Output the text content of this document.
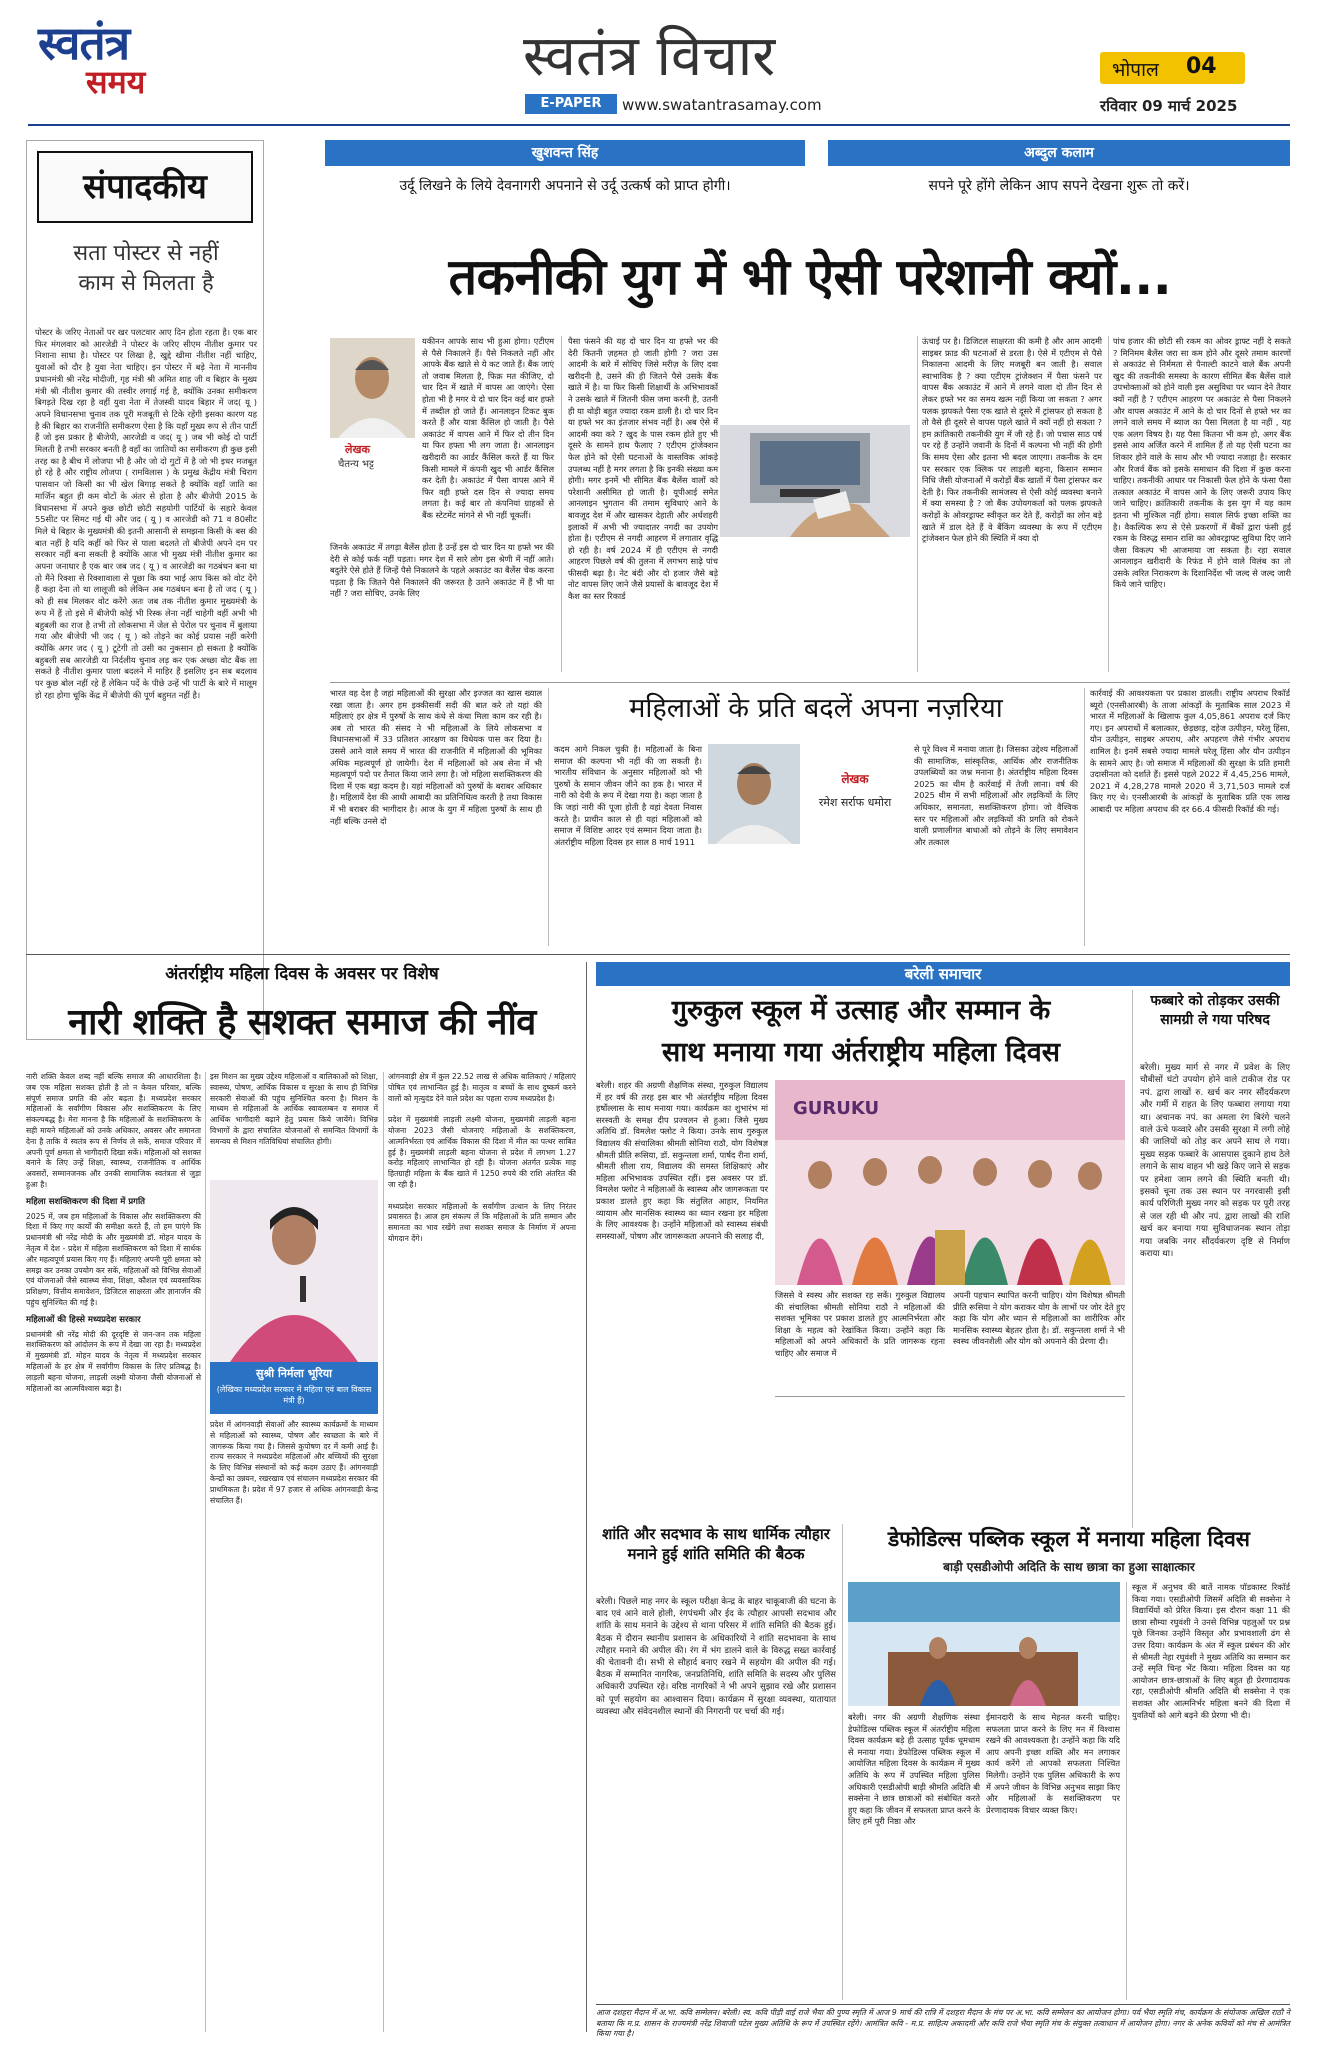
स्वतंत्र
समय	स्वतंत्र विचार
E-PAPER	www.swatantrasamay.com
भोपाल 04
रविवार 09 मार्च 2025
संपादकीय
सता पोस्टर से नहीं
काम से मिलता है
पोस्टर के जरिए नेताओं पर खर पलटवार आए दिन होता रहता है। एक बार फिर मंगलवार को आरजेडी ने पोस्टर के जरिए सीएम नीतीश कुमार पर निशाना साधा है। पोस्टर पर लिखा है, खुद्दे खीमा नीतीश नहीं चाहिए, युवाओं को दौर है युवा नेता चाहिए। इन पोस्टर में बड़े नेता में माननीय प्रधानमंत्री श्री नरेंद्र मोदीजी, गृह मंत्री श्री अमित शाह जी व बिहार के मुख्य मंत्री श्री नीतीश कुमार की तस्वीर लगाई गई है, क्योंकि उनका समीकरण बिगड़ते दिख रहा है वहीं युवा नेता में तेजस्वी यादव बिहार में जद( यू ) अपने विधानसभा चुनाव तक पूरी मजबूती से टिके रहेंगी इसका कारण यह है की बिहार का राजनीति समीकरण ऐसा है कि यहाँ मुख्य रूप से तीन पार्टी हैं जो इस प्रकार है बीजेपी, आरजेडी व जद( यू ) जब भी कोई दो पार्टी मिलती है तभी सरकार बनती है वहाँ का जातियों का समीकरण ही कुछ इसी तरह का है बीच में लोजपा भी है और जो दो गुटों में है जो भी इधर मजबूत हो रहे है और राष्ट्रीय लोजपा ( रामविलास ) के प्रमुख केंद्रीय मंत्री चिराग पासवान जो किसी का भी खेल बिगाड़ सकते है क्योंकि वहाँ जाति का मार्जिन बहुत ही कम वोटों के अंतर से होता है और बीजेपी 2015 के विधानसभा में अपने कुछ छोटी छोटी सहयोगी पार्टियों के सहारे केवल 55सीट पर सिमट गई थी और जद ( यू ) व आरजेडी को 71 व 80सीट मिले थे बिहार के मुख्यमंत्री की इतनी आसानी से समझना किसी के बस की बात नहीं है यदि कहीं को फिर से पाला बदलते तो बीजेपी अपने दम पर सरकार नहीं बना सकती है क्योंकि आज भी मुख्य मंत्री नीतीश कुमार का अपना जनाधार है एक बार जब जद ( यू ) व आरजेडी का गठबंधन बना था तो मैंने रिक्शा से रिक्शावाला से पूछा कि क्या भाई आप किस को वोट देंगे हैं कहा देना तो था लालूजी को लेकिन अब गठबंधन बना है तो जद ( यू ) को ही सब मिलकर वोट करेंगे अतः जब तक नीतीश कुमार मुख्यमंत्री के रूप में हैं तो इसे में बीजेपी कोई भी रिस्क लेना नहीं चाहेगी वहीं अभी भी बहुबली का राज है तभी तो लोकसभा में जेल से पेरोल पर चुनाव में बुलाया गया और बीजेपी भी जद ( यू ) को तोड़ने का कोई प्रयास नहीं करेगी क्योंकि अगर जद ( यू ) टूटेगी तो उसी का नुकसान हो सकता है क्योंकि बहुबली सब आरजेडी या निर्दलीय चुनाव लड़ कर एक अच्छा वोट बैंक ला सकते है नीतीश कुमार पाला बदलने में माहिर हैं इसलिए इन सब बदलाव पर कुछ बोल नहीं रहे हैं लेकिन पर्दे के पीछे उन्हें भी पार्टी के बारे में मालूम हो रहा होगा चूकि केंद्र में बीजेपी की पूर्ण बहुमत नहीं है।
खुशवन्त सिंह
उर्दू लिखने के लिये देवनागरी अपनाने से उर्दू उत्कर्ष को प्राप्त होगी।
अब्दुल कलाम
सपने पूरे होंगे लेकिन आप सपने देखना शुरू तो करें।
तकनीकी युग में भी ऐसी परेशानी क्यों...
लेखक
चैतन्य भट्ट
यकीनन आपके साथ भी हुआ होगा। एटीएम से पैसे निकालने हैं। पैसे निकलते नहीं और आपके बैंक खाते से ये कट जाते हैं। बैंक जाएं तो जवाब मिलता है, फिक्र मत कीजिए, दो चार दिन में खाते में वापस आ जाएंगे। ऐसा होता भी है मगर ये दो चार दिन कई बार हफ्ते में तब्दील हो जाते हैं। आनलाइन टिकट बुक करते हैं और यात्रा कैंसिल हो जाती है। पैसे अकाउंट में वापस आने में फिर दो तीन दिन या फिर हफ्ता भी लग जाता है। आनलाइन खरीदारी का आर्डर कैंसिल करते हैं या फिर किसी मामले में कंपनी खुद भी आर्डर कैंसिल कर देती है। अकाउंट में पैसा वापस आने में फिर वही हफ्ते दस दिन से ज्यादा समय लगता है। कई बार तो कंपनियां ग्राहकों से बैंक स्टेटमेंट मांगने से भी नहीं चूकतीं।
जिनके अकाउंट में तगड़ा बैलेंस होता है उन्हें इस दो चार दिन या हफ्ते भर की देरी से कोई फर्क नहीं पड़ता। मगर देश में सारे लोग इस श्रेणी में नहीं आते। बदुतेरे ऐसे होते हैं जिन्हें पैसे निकालने के पहले अकाउंट का बैलेंस चेक करना पड़ता है कि जितने पैसे निकालने की जरूरत है उतने अकाउंट में हैं भी या नहीं ? जरा सोचिए, उनके लिए
पैसा फंसने की यह दो चार दिन या हफ्ते भर की देरी कितनी ज़हमत हो जाती होगी ? जरा उस आदमी के बारे में सोचिए जिसे मरीज़ के लिए दवा खरीदनी है, उसने की ही जितने पैसे उसके बैंक खाते में है। या फिर किसी शिक्षार्थी के अभिभावकों ने उसके खाते में जितनी फीस जमा करनी है, उतनी ही या थोड़ी बहुत ज्यादा रकम डाली है। दो चार दिन या हफ्ते भर का इंतजार संभव नहीं है। अब ऐसे में आदमी क्या करे ? खुद के पास रकम होते हुए भी दूसरे के सामने हाथ फैलाए ? एटीएम ट्रांजेक्शन फेल होने को ऐसी घटनाओं के वास्तविक आंकड़े उपलब्ध नहीं है मगर लगता है कि इनकी संख्या कम होगी। मगर इनमें भी सीमित बैंक बैलेंस वालों को परेशानी असीमित हो जाती है। यूपीआई समेत आनलाइन भुगतान की तमाम सुविधाएं आने के बावजूद देश में और खासकर देहाती और अर्धशहरी इलाकों में अभी भी ज्यादातर नगदी का उपयोग होता है। एटीएम से नगदी आहरण में लगातार वृद्धि हो रही है। वर्ष 2024 में ही एटीएम से नगदी आहरण पिछले वर्ष की तुलना में लगभग साढ़े पांच फीसदी बढ़ा है। नेट बंदी और दो हजार जैसे बड़े नोट वापस लिए जाने जैसे प्रयासों के बावजूद देश में कैश का स्तर रिकार्ड
ऊंचाई पर है। डिजिटल साक्षरता की कमी है और आम आदमी साइबर फ्राड की घटनाओं से डरता है। ऐसे में एटीएम से पैसे निकालना आदमी के लिए मजबूरी बन जाती है। सवाल स्वाभाविक है ? क्या एटीएम ट्रांजेक्शन में पैसा फंसने पर वापस बैंक अकाउंट में आने में लगने वाला दो तीन दिन से लेकर हफ्ते भर का समय खत्म नहीं किया जा सकता ? अगर पलक झपकते पैसा एक खाते से दूसरे में ट्रांसफर हो सकता है तो वैसे ही दूसरे से वापस पहले खाते में क्यों नहीं हो सकता ? हम क्रांतिकारी तकनीकी युग में जी रहे हैं। जो पचास साठ पर्ष पर रहे हैं उन्होंने जवानी के दिनों में कल्पना भी नहीं की होगी कि समय ऐसा और इतना भी बदल जाएगा। तकनीक के दम पर सरकार एक क्लिक पर लाड़ली बहना, किसान सम्मान निधि जैसी योजनाओं में करोड़ों बैंक खातों में पैसा ट्रांसफर कर देती है। फिर तकनीकी सामंजस्य से ऐसी कोई व्यवस्था बनाने में क्या समस्या है ? जो बैंक उपोयगकर्ता को पलक झपकते करोड़ों के ओवरड्राफ्ट स्वीकृत कर देते हैं, करोड़ों का लोन बड़े खाते में डाल देते हैं वे बैंकिंग व्यवस्था के रूप में एटीएम ट्रांजेक्शन फेल होने की स्थिति में क्या दो
पांच हजार की छोटी सी रकम का ओवर ड्राफ्ट नहीं दे सकते ? मिनिमम बैलेंस जरा सा कम होने और दूसरे तमाम कारणों से अकाउंट से निर्ममता से पैनाल्टी काटने वाले बैंक अपनी खुद की तकनीकी समस्या के कारण सीमित बैंक बैलेंस वाले उपभोक्ताओं को होने वाली इस असुविधा पर ध्यान देने तैयार क्यों नहीं है ? एटीएम आहरण पर अकाउंट से पैसा निकलने और वापस अकाउंट में आने के दो चार दिनों से हफ्ते भर का लगने वाले समय में ब्याज का पैसा मिलता है या नहीं , यह एक अलग विषय है। यह पैसा कितना भी कम हो, अगर बैंक इससे आय अर्जित करने में शामिल हैं तो यह ऐसी घटना का शिकार होने वाले के साथ और भी ज्यादा नजाहा है। सरकार और रिजर्व बैंक को इसके समाधान की दिशा में कुछ करना चाहिए। तकनीकी आधार पर निकासी फेल होने के फंसा पैसा तत्काल अकाउंट में वापस आने के लिए जरूरी उपाय किए जाने चाहिए। क्रांतिकारी तकनीक के इस युग में यह काम इतना भी मुश्किल नहीं होगा। सवाल सिर्फ इच्छा शक्ति का है। वैकल्पिक रूप से ऐसे प्रकरणों में बैंकों द्वारा फंसी हुई रकम के विरुद्ध समान राशि का ओवरड्राफ्ट सुविधा दिए जाने जैसा विकल्प भी आजमाया जा सकता है। रहा सवाल आनलाइन खरीदारी के रिफंड में होने वाले विलंब का तो उसके त्वरित निराकरण के दिशानिर्देश भी जल्द से जल्द जारी किये जाने चाहिए।
भारत वह देश है जहां महिलाओं की सुरक्षा और इज्जत का खास ख्याल रखा जाता है। अगर हम इक्कीसवीं सदी की बात करे तो यहां की महिलाएं हर क्षेत्र में पुरुषों के साथ कंधे से कंधा मिला काम कर रही है। अब तो भारत की संसद ने भी महिलाओं के लिये लोकसभा व विधानसभाओं में 33 प्रतिशत आरक्षण का विधेयक पास कर दिया है। उससे आने वाले समय में भारत की राजनीति में महिलाओं की भूमिका अधिक महत्वपूर्ण हो जायेगी। देश में महिलाओं को अब सेना में भी महत्वपूर्ण पदो पर तैनात किया जाने लगा है। जो महिला सशक्तिकरण की दिशा में एक बड़ा कदम है। यहां महिलाओं को पुरुषों के बराबर अधिकार है। महिलायें देश की आधी आबादी का प्रतिनिधित्व करती है तथा विकास में भी बराबर की भागीदार है। आज के युग में महिला पुरुषों के साथ ही नहीं बल्कि उनसे दो
महिलाओं के प्रति बदलें अपना नज़रिया
कदम आगे निकल चुकी है। महिलाओं के बिना समाज की कल्पना भी नहीं की जा सकती है। भारतीय संविधान के अनुसार महिलाओं को भी पुरुषों के समान जीवन जीने का हक है। भारत में नारी को देवी के रूप में देखा गया है। कहा जाता है कि जहां नारी की पूजा होती है वहां देवता निवास करते है। प्राचीन काल से ही यहां महिलाओं को समाज में विशिष्ट आदर एवं सम्मान दिया जाता है। अंतर्राष्ट्रीय महिला दिवस हर साल 8 मार्च 1911
लेखक
रमेश सर्राफ धमोरा
से पूरे विश्व में मनाया जाता है। जिसका उद्देश्य महिलाओं की सामाजिक, सांस्कृतिक, आर्थिक और राजनीतिक उपलब्धियों का जश्न मनाना है। अंतर्राष्ट्रीय महिला दिवस 2025 का थीम है कार्रवाई में तेजी लाना। वर्ष की 2025 थीम में सभी महिलाओं और लड़कियों के लिए अधिकार, समानता, सशक्तिकरण होगा। जो वैश्विक स्तर पर महिलाओं और लड़कियों की प्रगति को रोकने वाली प्रणालीगत बाधाओं को तोड़ने के लिए समावेशन और तत्काल
कार्रवाई की आवश्यकता पर प्रकाश डालती। राष्ट्रीय अपराध रिकॉर्ड ब्यूरो (एनसीआरबी) के ताजा आंकड़ों के मुताबिक साल 2023 में भारत में महिलाओं के खिलाफ कुल 4,05,861 अपराध दर्ज किए गए। इन अपराधों में बलात्कार, छेड़छाड़, दहेज उत्पीड़न, घरेलू हिंसा, यौन उत्पीड़न, साइबर अपराध, और अपहरण जैसे गंभीर अपराध शामिल है। इनमें सबसे ज्यादा मामले घरेलू हिंसा और यौन उत्पीड़न के सामने आए है। जो समाज में महिलाओं की सुरक्षा के प्रति हमारी उदासीनता को दर्शाते हैं। इससे पहले 2022 में 4,45,256 मामले, 2021 में 4,28,278 मामले 2020 में 3,71,503 मामले दर्ज किए गए थे। एनसीआरबी के आंकड़ों के मुताबिक प्रति एक लाख आबादी पर महिला अपराध की दर 66.4 फीसदी रिकॉर्ड की गई।
अंतर्राष्ट्रीय महिला दिवस के अवसर पर विशेष
नारी शक्ति है सशक्त समाज की नींव
नारी शक्ति केवल शब्द नहीं बल्कि समाज की आधारशिला है। जब एक महिला सशक्त होती है तो न केवल परिवार, बल्कि संपूर्ण समाज प्रगति की ओर बढ़ता है। मध्यप्रदेश सरकार महिलाओं के सर्वांगीण विकास और सशक्तिकरण के लिए संकल्पबद्ध है। मेरा मानना है कि महिलाओं के सशक्तिकरण के सही मायने महिलाओं को उनके अधिकार, अवसर और समानता देना है ताकि वे स्वतंत्र रूप से निर्णय ले सकें, समाज परिवार में अपनी पूर्ण क्षमता से भागीदारी दिखा सकें। महिलाओं को सशक्त बनाने के लिए उन्हें शिक्षा, स्वास्थ्य, राजनीतिक व आर्थिक अवसरों, सम्मानजनक और उनकी सामाजिक स्वतंत्रता से जुड़ा हुआ है।
महिला सशक्तिकरण की दिशा में प्रगति
2025 में, जब हम महिलाओं के विकास और सशक्तिकरण की दिशा में किए गए कार्यों की समीक्षा करते हैं, तो हम पाएंगे कि प्रधानमंत्री श्री नरेंद्र मोदी के और मुख्यमंत्री डॉ. मोहन यादव के नेतृत्व में देश - प्रदेश में महिला सशक्तिकरण को दिशा में सार्थक और महत्वपूर्ण प्रयास किए गए हैं। महिलाएं अपनी पूरी क्षमता को समझ कर उनका उपयोग कर सकें, महिलाओं को विभिन्न सेवाओं एवं योजनाओं जैसे स्वास्थ्य सेवा, शिक्षा, कौशल एवं व्यवसायिक प्रशिक्षण, वित्तीय समावेशन, डिजिटल साक्षरता और ज्ञानार्जन की पहुंच सुनिश्चित की गई है।
महिलाओं की हिस्से मध्यप्रदेश सरकार
प्रधानमंत्री श्री नरेंद्र मोदी की दूरदृष्टि से जन-जन तक महिला सशक्तिकरण को आंदोलन के रूप में देखा जा रहा है। मध्यप्रदेश में मुख्यमंत्री डॉ. मोहन यादव के नेतृत्व में मध्यप्रदेश सरकार महिलाओं के हर क्षेत्र में सर्वांगीण विकास के लिए प्रतिबद्ध है। लाड़ली बहना योजना, लाड़ली लक्ष्मी योजना जैसी योजनाओं से महिलाओं का आत्मविश्वास बढ़ा है।
इस मिशन का मुख्य उद्देश्य महिलाओं व बालिकाओं को शिक्षा, स्वास्थ्य, पोषण, आर्थिक विकास व सुरक्षा के साथ ही विभिन्न सरकारी सेवाओं की पहुंच सुनिश्चित करना है। मिशन के माध्यम से महिलाओं के आर्थिक स्वावलम्बन व समाज में आर्थिक भागीदारी बढ़ाने हेतु प्रयास किये जायेंगे। विभिन्न विभागों के द्वारा संचालित योजनाओं से समन्वित विभागों के समन्वय से मिशन गतिविधियां संचालित होगी।
सुश्री निर्मला भूरिया
(लेखिका मध्यप्रदेश सरकार में महिला एवं बाल विकास मंत्री हैं)
प्रदेश में आंगनवाड़ी सेवाओं और स्वास्थ्य कार्यक्रमों के माध्यम से महिलाओं को स्वास्थ्य, पोषण और स्वच्छता के बारे में जागरूक किया गया है। जिससे कुपोषण दर में कमी आई है। राज्य सरकार ने मध्यप्रदेश महिलाओं और बच्चियों की सुरक्षा के लिए विभिन्न संस्थानों को कई कदम उठाए हैं। आंगनवाड़ी केन्द्रों का उन्नयन, रखरखाव एवं संचालन मध्यप्रदेश सरकार की प्राथमिकता है। प्रदेश में 97 हजार से अधिक आंगनवाड़ी केन्द्र संचालित हैं।
आंगनवाड़ी क्षेत्र में कुल 22.52 लाख से अधिक बालिकाएं / महिलाएं पोषित एवं लाभान्वित हुई है। मातृत्व व बच्चों के साथ दुष्कर्म करने वालों को मृत्युदंड देने वाले प्रदेश का पहला राज्य मध्यप्रदेश है।

प्रदेश में मुख्यमंत्री लाड़ली लक्ष्मी योजना, मुख्यमंत्री लाड़ली बहना योजना 2023 जैसी योजनाएं महिलाओं के सशक्तिकरण, आत्मनिर्भरता एवं आर्थिक विकास की दिशा में मील का पत्थर साबित हुई है। मुख्यमंत्री लाड़ली बहना योजना से प्रदेश में लगभग 1.27 करोड़ महिलाएं लाभान्वित हो रही है। योजना अंतर्गत प्रत्येक माह हितग्राही महिला के बैंक खाते में 1250 रुपये की राशि अंतरित की जा रही है।

मध्यप्रदेश सरकार महिलाओं के सर्वांगीण उत्थान के लिए निरंतर प्रयासरत है। आज हम संकल्प लें कि महिलाओं के प्रति सम्मान और समानता का भाव रखेंगे तथा सशक्त समाज के निर्माण में अपना योगदान देंगे।
बरेली समाचार
गुरुकुल स्कूल में उत्साह और सम्मान के
साथ मनाया गया अंर्तराष्ट्रीय महिला दिवस
बरेली। शहर की अग्रणी शैक्षणिक संस्था, गुरुकुल विद्यालय में हर वर्ष की तरह इस बार भी अंतर्राष्ट्रीय महिला दिवस हर्षोल्लास के साथ मनाया गया। कार्यक्रम का शुभारंभ मां सरस्वती के समक्ष दीप प्रज्वलन से हुआ। जिसे मुख्य अतिथि डॉ. विमलेश फ्लोट ने किया। उनके साथ गुरुकुल विद्यालय की संचालिका श्रीमती सोनिया राठौ, योग विशेषज्ञ श्रीमती प्रीति रूसिया, डॉ. सकुन्तला शर्मा, पार्षद रीना शर्मा, श्रीमती शीला राय, विद्यालय की समस्त शिक्षिकाएं और महिला अभिभावक उपस्थित रहीं। इस अवसर पर डॉ. विमलेश फ्लोट ने महिलाओं के स्वास्थ्य और जागरूकता पर प्रकाश डालते हुए कहा कि संतुलित आहार, नियमित व्यायाम और मानसिक स्वास्थ्य का ध्यान रखना हर महिला के लिए आवश्यक है। उन्होंने महिलाओं को स्वास्थ्य संबंधी समस्याओं, पोषण और जागरूकता अपनाने की सलाह दी,
GURUKU
जिससे वे स्वस्थ और सशक्त रह सकें। गुरुकुल विद्यालय की संचालिका श्रीमती सोनिया राठौ ने महिलाओं की सशक्त भूमिका पर प्रकाश डालते हुए आत्मनिर्भरता और शिक्षा के महत्व को रेखांकित किया। उन्होंने कहा कि महिलाओं को अपने अधिकारों के प्रति जागरूक रहना चाहिए और समाज में
अपनी पहचान स्थापित करनी चाहिए। योग विशेषज्ञ श्रीमती प्रीति रूसिया ने योग कराकर योग के लाभों पर जोर देते हुए कहा कि योग और ध्यान से महिलाओं का शारीरिक और मानसिक स्वास्थ्य बेहतर होता है। डॉ. सकुन्तला शर्मा ने भी स्वस्थ जीवनशैली और योग को अपनाने की प्रेरणा दी।
फब्बारे को तोड़कर उसकी सामग्री ले गया परिषद
बरेली। मुख्य मार्ग से नगर में प्रवेश के लिए चौबीसों घंटो उपयोग होने वाले टाकीज रोड पर नपं. द्वारा लाखों रु. खर्च कर नगर सौंदर्यकरण और गर्मी में राहत के लिए फब्बारा लगाया गया था। अचानक नपं. का अमला रंग बिरंगे चलने वाले ऊंचे फव्वारे और उसकी सुरक्षा में लगी लोहे की जालियों को तोड़ कर अपने साथ ले गया। मुख्य सड़क फब्बारे के आसपास दुकाने हाथ ठेले लगाने के साथ वाहन भी खड़े किए जाने से सड़क पर हमेशा जाम लगने की स्थिति बनती थी। इसको चूना तक उस स्थान पर नगरवासी इसी कार्य परिणिती मुख्य नगर को सड़क पर पूरी तरह से जल रही थी और नपं. द्वारा लाखों की राशि खर्च कर बनाया गया सुविधाजनक स्थान तोड़ा गया जबकि नगर सौंदर्यकरण दृष्टि से निर्माण कराया था।
शांति और सदभाव के साथ धार्मिक त्यौहार मनाने हुई शांति समिति की बैठक
बरेली। पिछले माह नगर के स्कूल परीक्षा केन्द्र के बाहर चाकूबाजी की घटना के बाद एवं आने वाले होली, रंगपंचमी और ईद के त्यौहार आपसी सदभाव और शांति के साथ मनाने के उद्देश्य से थाना परिसर में शांति समिति की बैठक हुई। बैठक में दौरान स्थानीय प्रशासन के अधिकारियों ने शांति सदभावना के साथ त्यौहार मनाने की अपील की। रंग में भंग डालने वाले के विरुद्ध सख्त कार्रवाई की चेतावनी दी। सभी से सौहार्द बनाए रखने में सहयोग की अपील की गई। बैठक में सम्मानित नागरिक, जनप्रतिनिधि, शांति समिति के सदस्य और पुलिस अधिकारी उपस्थित रहे। वरिष्ठ नागरिकों ने भी अपने सुझाव रखे और प्रशासन को पूर्ण सहयोग का आश्वासन दिया। कार्यक्रम में सुरक्षा व्यवस्था, यातायात व्यवस्था और संवेदनशील स्थानों की निगरानी पर चर्चा की गई।
डेफोडिल्स पब्लिक स्कूल में मनाया महिला दिवस
बाड़ी एसडीओपी अदिति के साथ छात्रा का हुआ साक्षात्कार
बरेली। नगर की अग्रणी शैक्षणिक संस्था डेफोडिल्स पब्लिक स्कूल में अंतर्राष्ट्रीय महिला दिवस कार्यक्रम बड़े ही उत्साह पूर्वक धूमधाम से मनाया गया। डेफोडिल्स पब्लिक स्कूल में आयोजित महिला दिवस के कार्यक्रम में मुख्य अतिथि के रूप में उपस्थित महिला पुलिस अधिकारी एसडीओपी बाड़ी श्रीमति अदिति बी सक्सेना ने छात्र छात्राओं को संबोधित करते हुए कहा कि जीवन में सफलता प्राप्त करने के लिए हमें पूरी निष्ठा और
ईमानदारी के साथ मेहनत करनी चाहिए। सफलता प्राप्त करने के लिए मन में विश्वास रखने की आवश्यकता है। उन्होंने कहा कि यदि आप अपनी इच्छा शक्ति और मन लगाकर कार्य करेंगे तो आपको सफलता निश्चित मिलेगी। उन्होंने एक पुलिस अधिकारी के रूप में अपने जीवन के विभिन्न अनुभव साझा किए और महिलाओं के सशक्तिकरण पर प्रेरणादायक विचार व्यक्त किए।
स्कूल में अनुभव की बातें नामक पॉडकास्ट रिकॉर्ड किया गया। एसडीओपी जिसमें अदिति बी सक्सेना ने विद्यार्थियों को प्रेरित किया। इस दौरान कक्षा 11 की छात्रा सौम्या रघुवंशी ने उनसे विभिन्न पहलुओं पर प्रश्न पूछे जिनका उन्होंने विस्तृत और प्रभावशाली ढंग से उत्तर दिया। कार्यक्रम के अंत में स्कूल प्रबंधन की ओर से श्रीमती नेहा रघुवंशी ने मुख्य अतिथि का सम्मान कर उन्हें स्मृति चिन्ह भेंट किया। महिला दिवस का यह आयोजन छात्र-छात्राओं के लिए बहुत ही प्रेरणादायक रहा, एसडीओपी श्रीमति अदिति बी सक्सेना ने एक सशक्त और आत्मनिर्भर महिला बनने की दिशा में युवतियों को आगे बढ़ने की प्रेरणा भी दी।
आज दशहरा मैदान में अ.भा. कवि सम्मेलन। बरेली। स्व. कवि पीड़ी वाई राजे भैया की पुण्य स्मृति में आज 9 मार्च की रात्रि में दशहरा मैदान के मंच पर अ.भा. कवि सम्मेलन का आयोजन होगा। पर्व भैया स्मृति मंच, कार्यक्रम के संयोजक अखिल राठौ ने बताया कि म.प्र. शासन के राज्यमंत्री नरेंद्र शिवाजी पटेल मुख्य अतिथि के रूप में उपस्थित रहेंगे। आमंत्रित कवि - म.प्र. साहित्य अकादमी और कवि राजे भैया स्मृति मंच के संयुक्त तत्वाधान में आयोजन होगा। नगर के अनेक कवियों को मंच से आमंत्रित किया गया है।
